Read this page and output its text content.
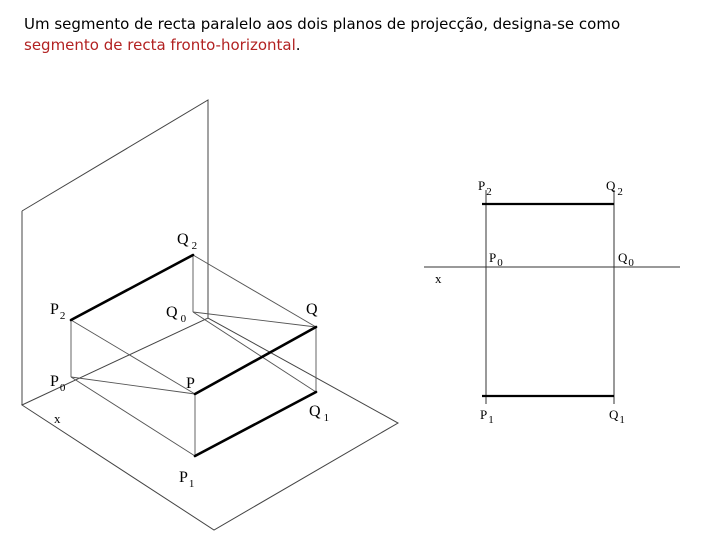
Um segmento de recta paralelo aos dois planos de projecção, designa-se como
segmento de recta fronto-horizontal.
Q $_2$
$P_2$	Q $_0$
Q
$P_0$	P
x	Q $_1$
$P_1$
$P_2$	Q $_2$
$P_0$	$Q_0$
x
$P_1$	$Q_1$
